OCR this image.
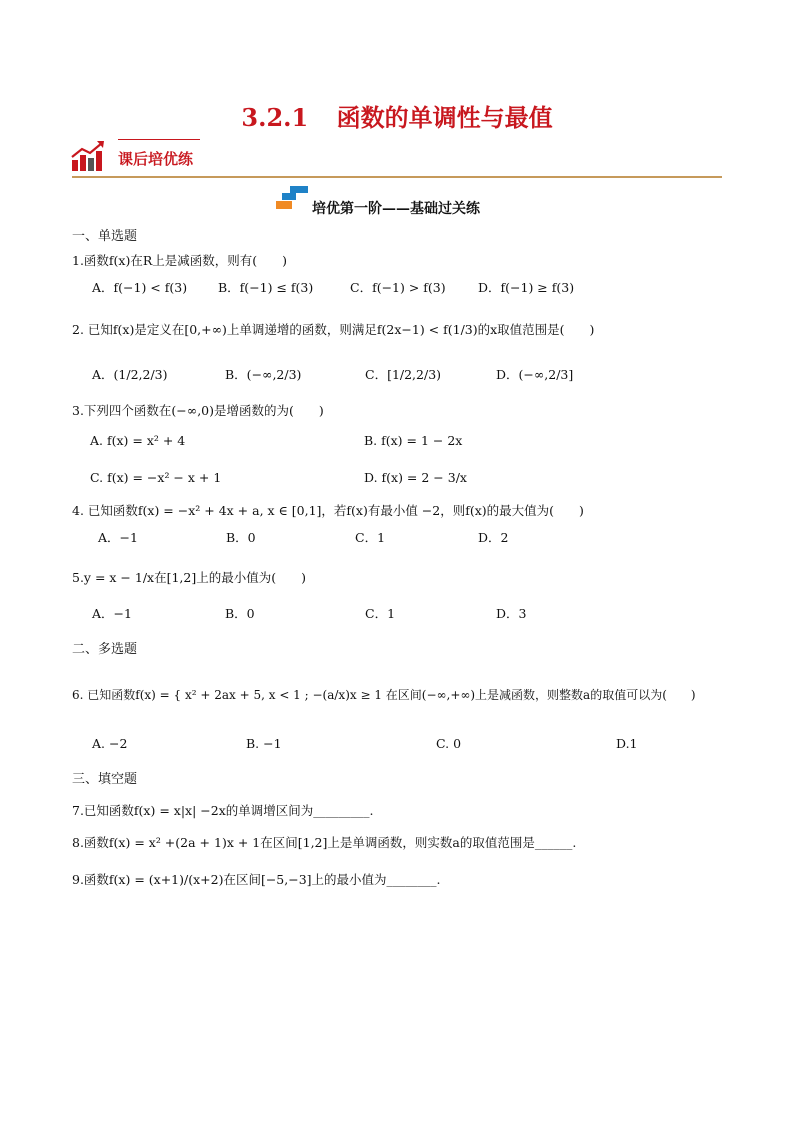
3.2.1 函数的单调性与最值
课后培优练
培优第一阶——基础过关练
一、单选题
1.函数f(x)在R上是减函数，则有(　　)
A．f(−1) < f(3) B．f(−1) ≤ f(3)	C．f(−1) > f(3)	D．f(−1) ≥ f(3)
2. 已知f(x)是定义在[0,+∞)上单调递增的函数，则满足f(2x−1) < f(1/3)的x取值范围是(　　)
A．(1/2,2/3)	B．(−∞,2/3)	C．[1/2,2/3)	D．(−∞,2/3]
3.下列四个函数在(−∞,0)是增函数的为(　　)
A. f(x) = x² + 4	B. f(x) = 1 − 2x
C. f(x) = −x² − x + 1	D. f(x) = 2 − 3/x
4. 已知函数f(x) = −x² + 4x + a, x ∈ [0,1]，若f(x)有最小值 −2，则f(x)的最大值为(　　)
A．−1	B．0	C．1	D．2
5.y = x − 1/x在[1,2]上的最小值为(　　)
A．−1	B．0	C．1	D．3
二、多选题
6. 已知函数f(x) = { x² + 2ax + 5, x < 1 ; −(a/x)x ≥ 1 在区间(−∞,+∞)上是减函数，则整数a的取值可以为(　　)
A. −2	B. −1	C. 0	D.1
三、填空题
7.已知函数f(x) = x|x| −2x的单调增区间为_________.
8.函数f(x) = x² +(2a + 1)x + 1在区间[1,2]上是单调函数，则实数a的取值范围是______.
9.函数f(x) = (x+1)/(x+2)在区间[−5,−3]上的最小值为________.
